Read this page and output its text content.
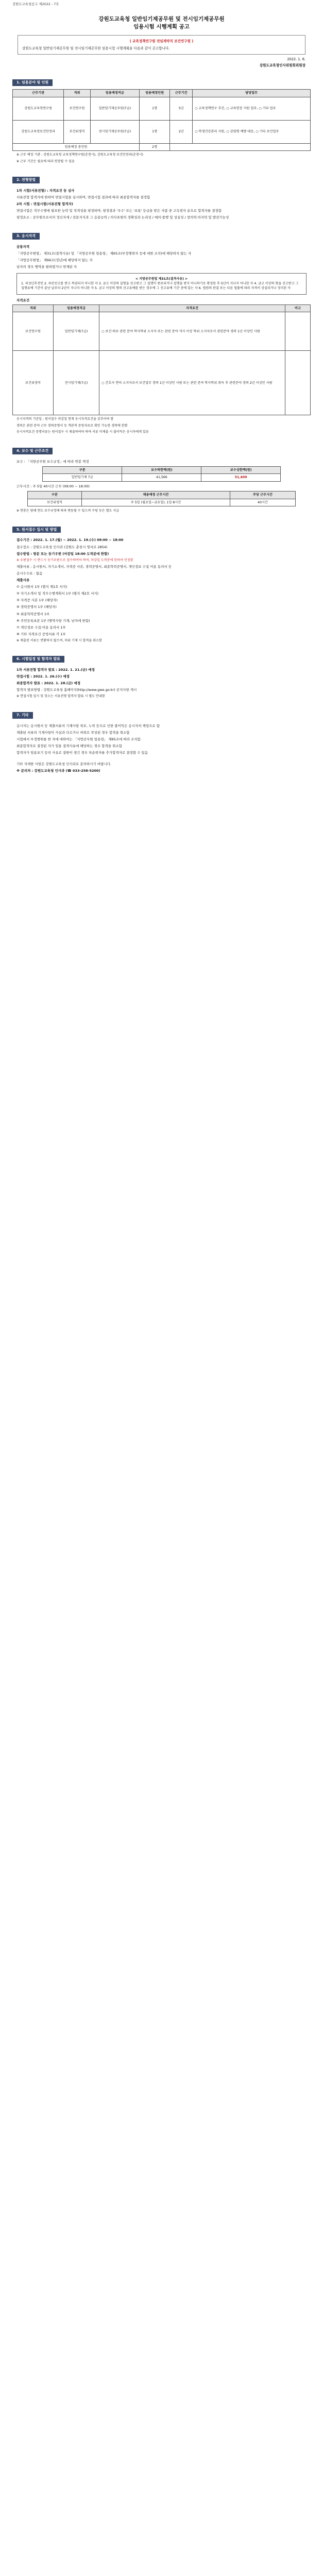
강원도교육청공고 제2022 - 7호
강원도교육청 일반임기제공무원 및 전시임기제공무원
임용시험 시행계획 공고
( 교육정책연구원 전임계약직 보건연구원 )
강원도교육청 일반임기제공무원 및 전시임기제공무원 임용시험 시행계획을 다음과 같이 공고합니다.
2022. 1. 6.
강원도교육청인사위원회위원장
1. 임용분야 및 인원
근무기관	직위	임용예정직급	임용예정인원	근무기간	담당업무
강원도교육청연구원	보건연구원	일반임기제공무원(7급)	1명	5년	○ 교육정책연구 추진, ○ 교육현장 지원 업무, ○ 기타 업무
강원도교육청보건안전과	보건위생직	전시임기제공무원(7급)	1명	2년	○ 학생건강관리 지원, ○ 감염병 예방·대응, ○ 기타 보건업무
임용예정 총인원			2명		
※ 근무 예정 기관 : 강원도교육청 교육정책연구원(춘천시), 강원도교육청 보건안전과(춘천시)
※ 근무 기간은 필요에 따라 연장될 수 있음
2. 전형방법
1차 시험(서류전형) : 자격요건 등 심사
서류전형 합격자에 한하여 면접시험을 실시하며, 면접시험 결과에 따라 최종합격자를 결정함
2차 시험 : 면접시험(서류전형 합격자)
면접시험은 직무수행에 필요한 능력 및 적격성을 평정하며, 평정결과 '우수' 또는 '보통' 등급을 받은 사람 중 고득점자 순으로 합격자를 결정함
평정요소 : 공무원으로서의 정신자세 / 전문지식과 그 응용능력 / 의사표현의 정확성과 논리성 / 예의·품행 및 성실성 / 창의력·의지력 및 발전가능성
3. 응시자격
공통자격
「지방공무원법」 제31조(결격사유) 및 「지방공무원 임용령」 제65조(부정행위자 등에 대한 조치)에 해당하지 않는 자
「지방공무원법」 제66조(정년)에 해당하지 않는 자
남자의 경우 병역을 필하였거나 면제된 자
< 지방공무원법 제31조(결격사유) >
1. 피성년후견인 2. 파산선고를 받고 복권되지 아니한 자 3. 금고 이상의 실형을 선고받고 그 집행이 종료되거나 집행을 받지 아니하기로 확정된 후 5년이 지나지 아니한 자 4. 금고 이상의 형을 선고받고 그 집행유예 기간이 끝난 날부터 2년이 지나지 아니한 자 5. 금고 이상의 형의 선고유예를 받은 경우에 그 선고유예 기간 중에 있는 자 6. 법원의 판결 또는 다른 법률에 따라 자격이 상실되거나 정지된 자
자격요건
직위	임용예정직급	자격요건	비고
보건연구원	일반임기제(7급)	○ 보건·의료 관련 분야 학사학위 소지자 또는 관련 분야 석사 이상 학위 소지자로서 관련분야 경력 1년 이상인 사람	
보건위생직	전시임기제(7급)	○ 간호사 면허 소지자로서 보건업무 경력 1년 이상인 사람 또는 관련 분야 학사학위 취득 후 관련분야 경력 2년 이상인 사람	
응시자격의 기준일 : 원서접수 마감일 현재 응시자격요건을 갖추어야 함
경력은 관련 분야 근무 경력증명서 등 객관적 증빙자료로 확인 가능한 경력에 한함
응시자격요건 증명서류는 원서접수 시 제출하여야 하며 서류 미제출 시 불이익은 응시자에게 있음
4. 보수 및 근무조건
보수 : 「지방공무원 보수규정」에 따라 연봉 책정
구분	보수하한액(원)	보수상한액(원)
일반임기제 7급	41,566	51,609
근무시간 : 주 5일 40시간 근무 (09:00 ~ 18:00)
구분	채용예정 근무시간	주당 근무시간
보건위생직	주 5일 (월요일~금요일), 1일 8시간	40시간
※ 연봉은 당해 연도 보수규정에 따라 변동될 수 있으며 수당 등은 별도 지급
5. 원서접수 일시 및 방법
접수기간 : 2022. 1. 17.(월) ~ 2022. 1. 19.(수) 09:00 ~ 18:00
접수장소 : 강원도교육청 인사과 (강원도 춘천시 영서로 2854)
접수방법 : 방문 또는 등기우편 (마감일 18:00 도착분에 한함)
※ 우편접수 시 반드시 등기우편으로 접수하여야 하며, 마감일 도착분에 한하여 인정함
제출서류 : 응시원서, 자기소개서, 자격증 사본, 경력증명서, 최종학력증명서, 개인정보 수집 이용 동의서 등
응시수수료 : 없음
제출서류
① 응시원서 1부 (별지 제1호 서식)
② 자기소개서 및 직무수행계획서 1부 (별지 제2호 서식)
③ 자격증 사본 1부 (해당자)
④ 경력증명서 1부 (해당자)
⑤ 최종학력증명서 1부
⑥ 주민등록초본 1부 (병역사항 기재, 남자에 한함)
⑦ 개인정보 수집·이용 동의서 1부
⑧ 기타 자격요건 증빙서류 각 1부
※ 제출된 서류는 반환하지 않으며, 허위 기재 시 합격을 취소함
6. 시험일정 및 합격자 발표
1차 서류전형 합격자 발표 : 2022. 1. 21.(금) 예정
면접시험 : 2022. 1. 26.(수) 예정
최종합격자 발표 : 2022. 1. 28.(금) 예정
합격자 발표방법 : 강원도교육청 홈페이지(http://www.gwe.go.kr) 공지사항 게시
※ 면접시험 일시 및 장소는 서류전형 합격자 발표 시 별도 안내함
7. 기타
응시자는 응시원서 등 제출서류의 기재사항 착오, 누락 등으로 인한 불이익은 응시자의 책임으로 함
제출된 서류의 기재사항이 사실과 다르거나 허위로 작성된 경우 합격을 취소함
시험에서 부정행위를 한 자에 대하여는 「지방공무원 임용령」 제65조에 따라 조치함
최종합격자로 결정된 자가 임용 결격사유에 해당하는 경우 합격을 취소함
합격자가 임용포기 등의 사유로 결원이 생긴 경우 차순위자를 추가합격자로 결정할 수 있음
기타 자세한 사항은 강원도교육청 인사과로 문의하시기 바랍니다.
※ 문의처 : 강원도교육청 인사과 (☎ 033-258-5200)
